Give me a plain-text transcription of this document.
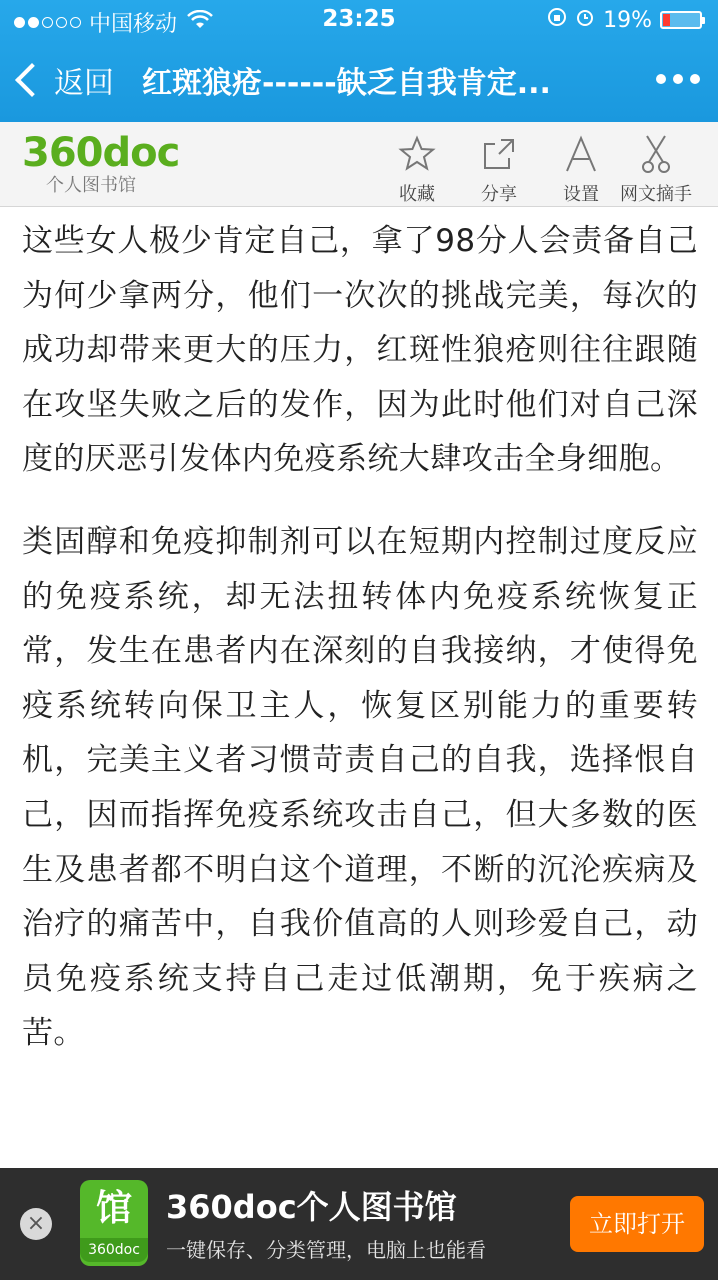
中国移动	23:25	19%
返回 红斑狼疮------缺乏自我肯定...
360doc
个人图书馆	收藏	分享	设置	网文摘手

这些女人极少肯定自己，拿了98分人会责备自己为何少拿两分，他们一次次的挑战完美，每次的成功却带来更大的压力，红斑性狼疮则往往跟随在攻坚失败之后的发作，因为此时他们对自己深度的厌恶引发体内免疫系统大肆攻击全身细胞。

类固醇和免疫抑制剂可以在短期内控制过度反应的免疫系统，却无法扭转体内免疫系统恢复正常，发生在患者内在深刻的自我接纳，才使得免疫系统转向保卫主人，恢复区别能力的重要转机，完美主义者习惯苛责自己的自我，选择恨自己，因而指挥免疫系统攻击自己，但大多数的医生及患者都不明白这个道理，不断的沉沦疾病及治疗的痛苦中，自我价值高的人则珍爱自己，动员免疫系统支持自己走过低潮期，免于疾病之苦。

×	馆
360doc
360doc个人图书馆
一键保存、分类管理，电脑上也能看
立即打开
